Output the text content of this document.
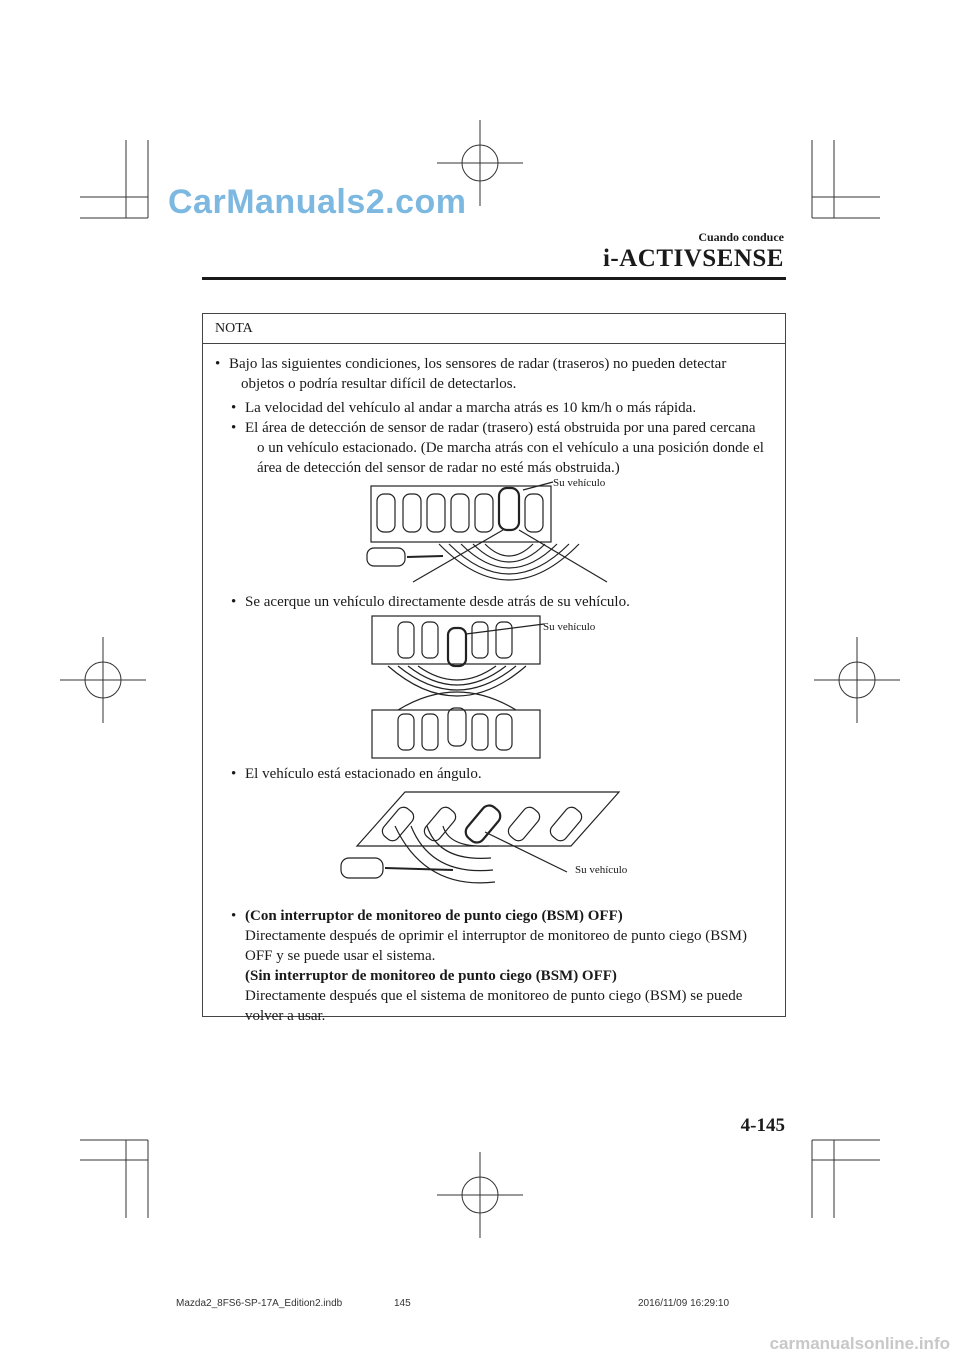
CarManuals2.com
Cuando conduce
i-ACTIVSENSE
NOTA
• Bajo las siguientes condiciones, los sensores de radar (traseros) no pueden detectar
objetos o podría resultar difícil de detectarlos.
• La velocidad del vehículo al andar a marcha atrás es 10 km/h o más rápida.
• El área de detección de sensor de radar (trasero) está obstruida por una pared cercana
o un vehículo estacionado. (De marcha atrás con el vehículo a una posición donde el
área de detección del sensor de radar no esté más obstruida.)
Su vehículo
• Se acerque un vehículo directamente desde atrás de su vehículo.
Su vehículo
• El vehículo está estacionado en ángulo.
Su vehículo
• (Con interruptor de monitoreo de punto ciego (BSM) OFF)
Directamente después de oprimir el interruptor de monitoreo de punto ciego (BSM)
OFF y se puede usar el sistema.
(Sin interruptor de monitoreo de punto ciego (BSM) OFF)
Directamente después que el sistema de monitoreo de punto ciego (BSM) se puede
volver a usar.
4-145
Mazda2_8FS6-SP-17A_Edition2.indb	145	2016/11/09 16:29:10
carmanualsonline.info
